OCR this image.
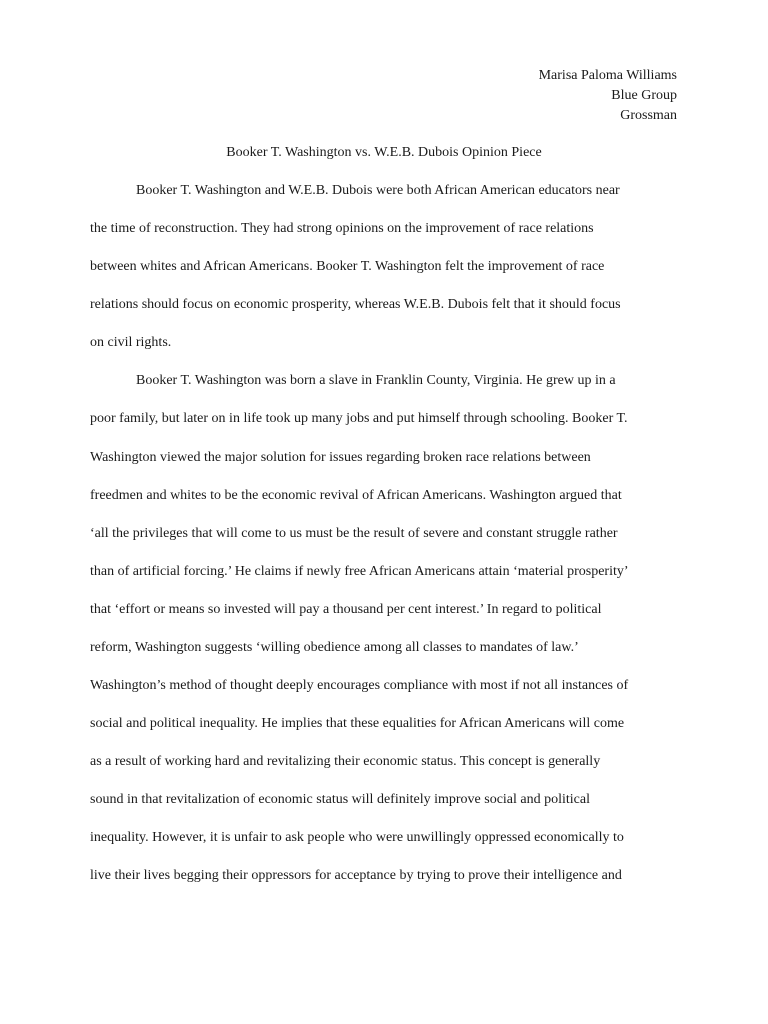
Marisa Paloma Williams
Blue Group
Grossman
Booker T. Washington vs. W.E.B. Dubois Opinion Piece
Booker T. Washington and W.E.B. Dubois were both African American educators near
the time of reconstruction. They had strong opinions on the improvement of race relations
between whites and African Americans. Booker T. Washington felt the improvement of race
relations should focus on economic prosperity, whereas W.E.B. Dubois felt that it should focus
on civil rights.
Booker T. Washington was born a slave in Franklin County, Virginia. He grew up in a
poor family, but later on in life took up many jobs and put himself through schooling. Booker T.
Washington viewed the major solution for issues regarding broken race relations between
freedmen and whites to be the economic revival of African Americans. Washington argued that
‘all the privileges that will come to us must be the result of severe and constant struggle rather
than of artificial forcing.’ He claims if newly free African Americans attain ‘material prosperity’
that ‘effort or means so invested will pay a thousand per cent interest.’ In regard to political
reform, Washington suggests ‘willing obedience among all classes to mandates of law.’
Washington’s method of thought deeply encourages compliance with most if not all instances of
social and political inequality. He implies that these equalities for African Americans will come
as a result of working hard and revitalizing their economic status. This concept is generally
sound in that revitalization of economic status will definitely improve social and political
inequality. However, it is unfair to ask people who were unwillingly oppressed economically to
live their lives begging their oppressors for acceptance by trying to prove their intelligence and
